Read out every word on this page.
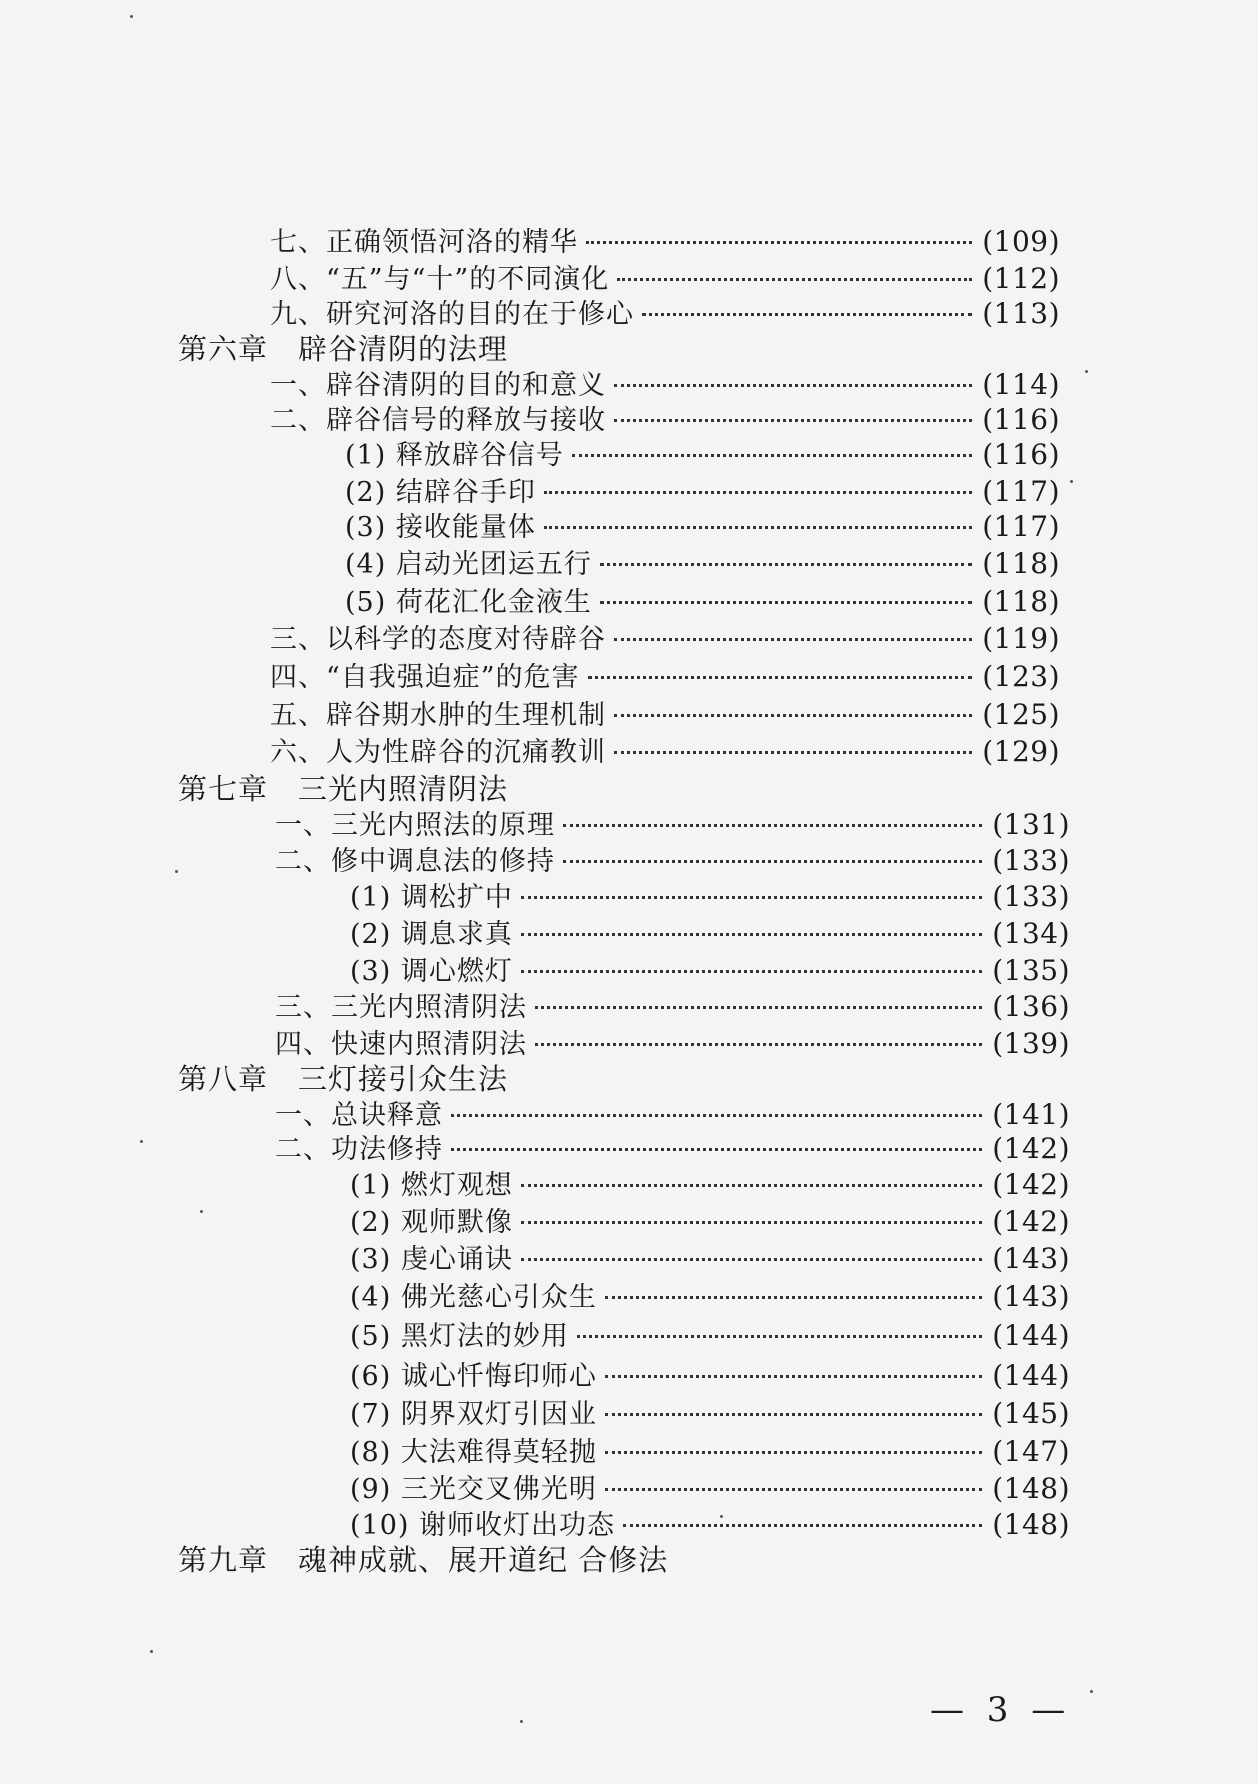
七、正确领悟河洛的精华	(109)
八、“五”与“十”的不同演化	(112)
九、研究河洛的目的在于修心	(113)
第六章　辟谷清阴的法理
一、辟谷清阴的目的和意义	(114)
二、辟谷信号的释放与接收	(116)
(1) 释放辟谷信号	(116)
(2) 结辟谷手印	(117)
(3) 接收能量体	(117)
(4) 启动光团运五行	(118)
(5) 荷花汇化金液生	(118)
三、以科学的态度对待辟谷	(119)
四、“自我强迫症”的危害	(123)
五、辟谷期水肿的生理机制	(125)
六、人为性辟谷的沉痛教训	(129)
第七章　三光内照清阴法
一、三光内照法的原理	(131)
二、修中调息法的修持	(133)
(1) 调松扩中	(133)
(2) 调息求真	(134)
(3) 调心燃灯	(135)
三、三光内照清阴法	(136)
四、快速内照清阴法	(139)
第八章　三灯接引众生法
一、总诀释意	(141)
二、功法修持	(142)
(1) 燃灯观想	(142)
(2) 观师默像	(142)
(3) 虔心诵诀	(143)
(4) 佛光慈心引众生	(143)
(5) 黑灯法的妙用	(144)
(6) 诚心忏悔印师心	(144)
(7) 阴界双灯引因业	(145)
(8) 大法难得莫轻抛	(147)
(9) 三光交叉佛光明	(148)
(10) 谢师收灯出功态	(148)
第九章　魂神成就、展开道纪 合修法
— 3 —
